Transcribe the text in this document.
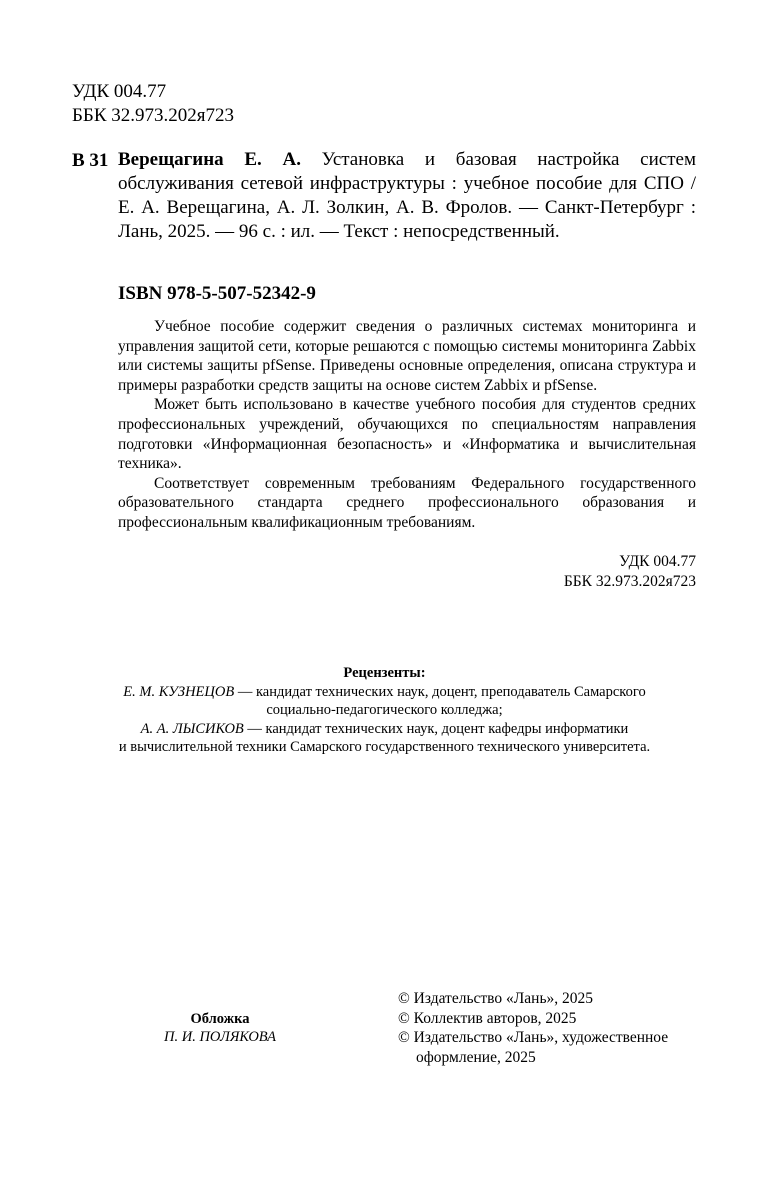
УДК 004.77
ББК 32.973.202я723
В 31 Верещагина Е. А. Установка и базовая настройка систем обслуживания сетевой инфраструктуры : учебное пособие для СПО / Е. А. Верещагина, А. Л. Золкин, А. В. Фролов. — Санкт-Петербург : Лань, 2025. — 96 с. : ил. — Текст : непосредственный.
ISBN 978-5-507-52342-9

Учебное пособие содержит сведения о различных системах мониторинга и управления защитой сети, которые решаются с помощью системы мониторинга Zabbix или системы защиты pfSense. Приведены основные определения, описана структура и примеры разработки средств защиты на основе систем Zabbix и pfSense.

Может быть использовано в качестве учебного пособия для студентов средних профессиональных учреждений, обучающихся по специальностям направления подготовки «Информационная безопасность» и «Информатика и вычислительная техника».

Соответствует современным требованиям Федерального государственного образовательного стандарта среднего профессионального образования и профессиональным квалификационным требованиям.

УДК 004.77
ББК 32.973.202я723
Рецензенты:
Е. М. КУЗНЕЦОВ — кандидат технических наук, доцент, преподаватель Самарского
социально-педагогического колледжа;
А. А. ЛЫСИКОВ — кандидат технических наук, доцент кафедры информатики
и вычислительной техники Самарского государственного технического университета.
Обложка
П. И. ПОЛЯКОВА
© Издательство «Лань», 2025
© Коллектив авторов, 2025
© Издательство «Лань», художественное
оформление, 2025
